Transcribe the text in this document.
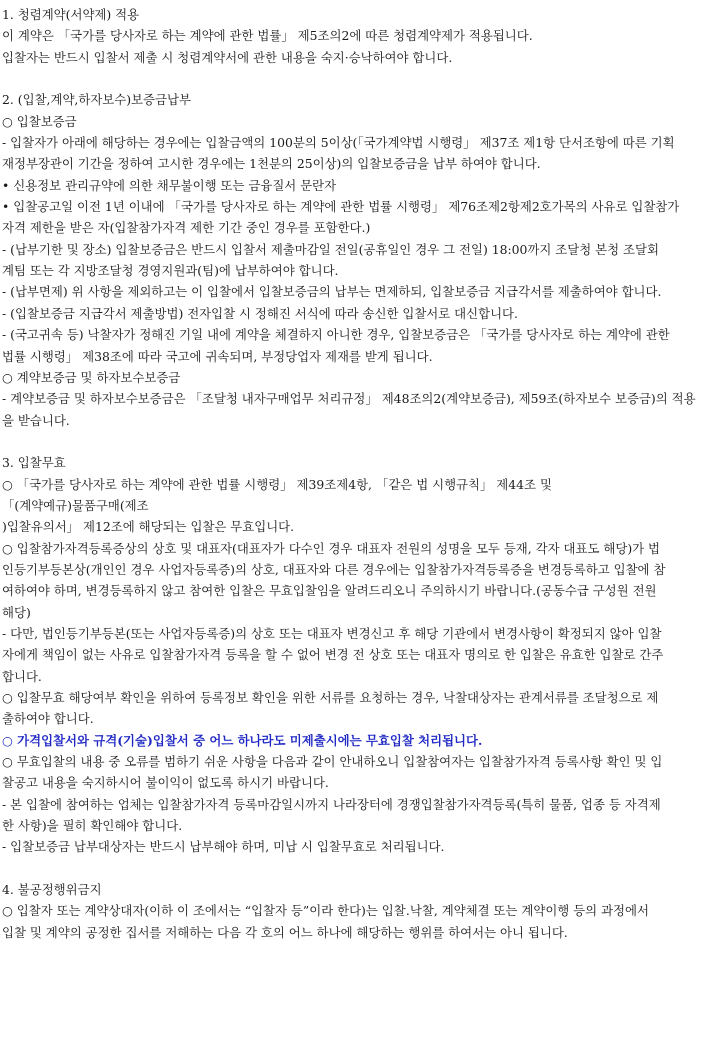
1. 청렴계약(서약제) 적용
이 계약은 「국가를 당사자로 하는 계약에 관한 법률」 제5조의2에 따른 청렴계약제가 적용됩니다.
입찰자는 반드시 입찰서 제출 시 청렴계약서에 관한 내용을 숙지·승낙하여야 합니다.
2. (입찰,계약,하자보수)보증금납부
○ 입찰보증금
- 입찰자가 아래에 해당하는 경우에는 입찰금액의 100분의 5이상(「국가계약법 시행령」 제37조 제1항 단서조항에 따른 기획
재정부장관이 기간을 정하여 고시한 경우에는 1천분의 25이상)의 입찰보증금을 납부 하여야 합니다.
• 신용정보 관리규약에 의한 채무불이행 또는 금융질서 문란자
• 입찰공고일 이전 1년 이내에 「국가를 당사자로 하는 계약에 관한 법률 시행령」 제76조제2항제2호가목의 사유로 입찰참가
자격 제한을 받은 자(입찰참가자격 제한 기간 중인 경우를 포함한다.)
- (납부기한 및 장소) 입찰보증금은 반드시 입찰서 제출마감일 전일(공휴일인 경우 그 전일) 18:00까지 조달청 본청 조달회
계팀 또는 각 지방조달청 경영지원과(팀)에 납부하여야 합니다.
- (납부면제) 위 사항을 제외하고는 이 입찰에서 입찰보증금의 납부는 면제하되, 입찰보증금 지급각서를 제출하여야 합니다.
- (입찰보증금 지급각서 제출방법) 전자입찰 시 정해진 서식에 따라 송신한 입찰서로 대신합니다.
- (국고귀속 등) 낙찰자가 정해진 기일 내에 계약을 체결하지 아니한 경우, 입찰보증금은 「국가를 당사자로 하는 계약에 관한
법률 시행령」 제38조에 따라 국고에 귀속되며, 부정당업자 제재를 받게 됩니다.
○ 계약보증금 및 하자보수보증금
- 계약보증금 및 하자보수보증금은 「조달청 내자구매업무 처리규정」 제48조의2(계약보증금), 제59조(하자보수 보증금)의 적용
을 받습니다.
3. 입찰무효
○ 「국가를 당사자로 하는 계약에 관한 법률 시행령」 제39조제4항, 「같은 법 시행규칙」 제44조 및
「(계약예규)물품구매(제조
)입찰유의서」 제12조에 해당되는 입찰은 무효입니다.
○ 입찰참가자격등록증상의 상호 및 대표자(대표자가 다수인 경우 대표자 전원의 성명을 모두 등재, 각자 대표도 해당)가 법
인등기부등본상(개인인 경우 사업자등록증)의 상호, 대표자와 다른 경우에는 입찰참가자격등록증을 변경등록하고 입찰에 참
여하여야 하며, 변경등록하지 않고 참여한 입찰은 무효입찰임을 알려드리오니 주의하시기 바랍니다.(공동수급 구성원 전원
해당)
- 다만, 법인등기부등본(또는 사업자등록증)의 상호 또는 대표자 변경신고 후 해당 기관에서 변경사항이 확정되지 않아 입찰
자에게 책임이 없는 사유로 입찰참가자격 등록을 할 수 없어 변경 전 상호 또는 대표자 명의로 한 입찰은 유효한 입찰로 간주
합니다.
○ 입찰무효 해당여부 확인을 위하여 등록정보 확인을 위한 서류를 요청하는 경우, 낙찰대상자는 관계서류를 조달청으로 제
출하여야 합니다.
○ 가격입찰서와 규격(기술)입찰서 중 어느 하나라도 미제출시에는 무효입찰 처리됩니다.
○ 무효입찰의 내용 중 오류를 범하기 쉬운 사항을 다음과 같이 안내하오니 입찰참여자는 입찰참가자격 등록사항 확인 및 입
찰공고 내용을 숙지하시어 불이익이 없도록 하시기 바랍니다.
- 본 입찰에 참여하는 업체는 입찰참가자격 등록마감일시까지 나라장터에 경쟁입찰참가자격등록(특히 물품, 업종 등 자격제
한 사항)을 필히 확인해야 합니다.
- 입찰보증금 납부대상자는 반드시 납부해야 하며, 미납 시 입찰무효로 처리됩니다.
4. 불공정행위금지
○ 입찰자 또는 계약상대자(이하 이 조에서는 “입찰자 등”이라 한다)는 입찰․낙찰, 계약체결 또는 계약이행 등의 과정에서
입찰 및 계약의 공정한 집서를 저해하는 다음 각 호의 어느 하나에 해당하는 행위를 하여서는 아니 됩니다.
